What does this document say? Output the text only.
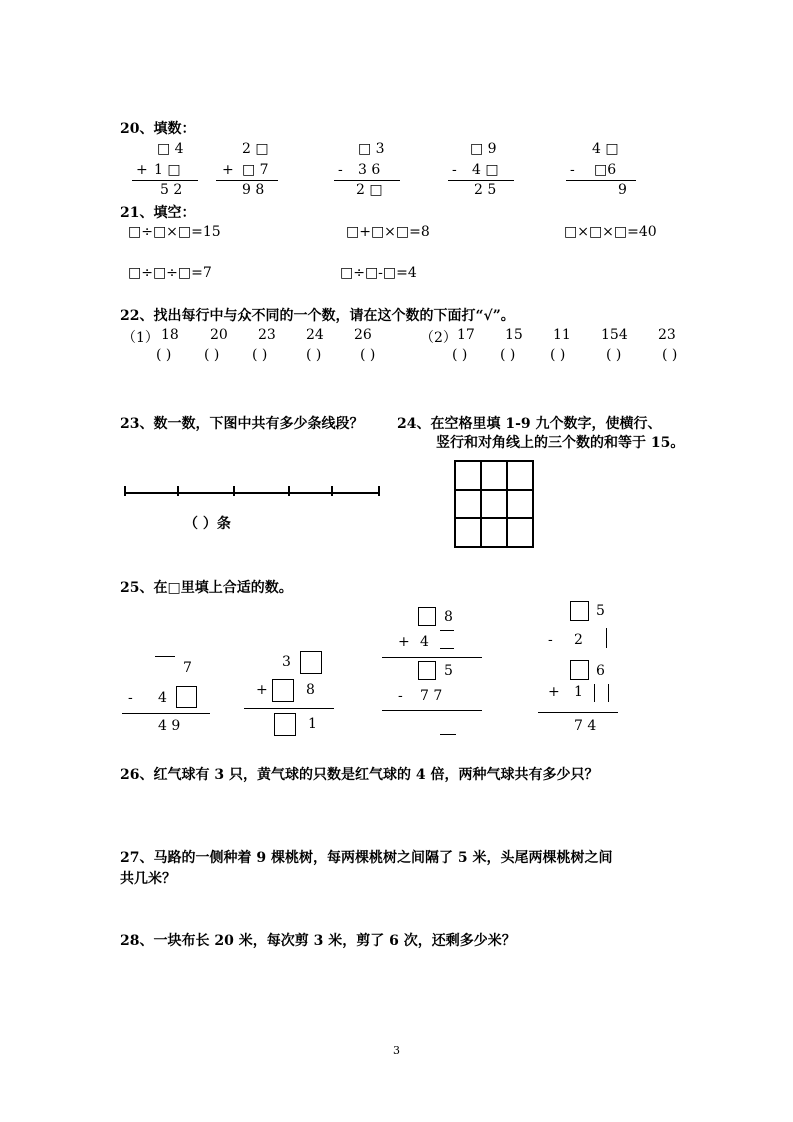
20、填数：
□ 4
+ 1 □
5 2
2 □
+ □ 7
9 8
□ 3
- 3 6
2 □
□ 9
- 4 □
2 5
4 □
- □6
9
21、填空：
□÷□×□=15	□+□×□=8	□×□×□=40
□÷□÷□=7	□÷□-□=4
22、找出每行中与众不同的一个数，请在这个数的下面打“√”。
（1） 18 20 23 24 26	（2） 17 15 11 154 23
( ) ( ) ( )	( )	( )	( ) ( ) ( )	( )	( )
23、数一数，下图中共有多少条线段？
（ ）条
24、在空格里填 1-9 九个数字，使横行、
竖行和对角线上的三个数的和等于 15。
25、在□里填上合适的数。
7
- 4
4 9
3
+	8
1
8
+ 4
5
- 7 7
5
- 2
6
+ 1
7 4
26、红气球有 3 只，黄气球的只数是红气球的 4 倍，两种气球共有多少只？
27、马路的一侧种着 9 棵桃树，每两棵桃树之间隔了 5 米，头尾两棵桃树之间
共几米？
28、一块布长 20 米，每次剪 3 米，剪了 6 次，还剩多少米？
3
